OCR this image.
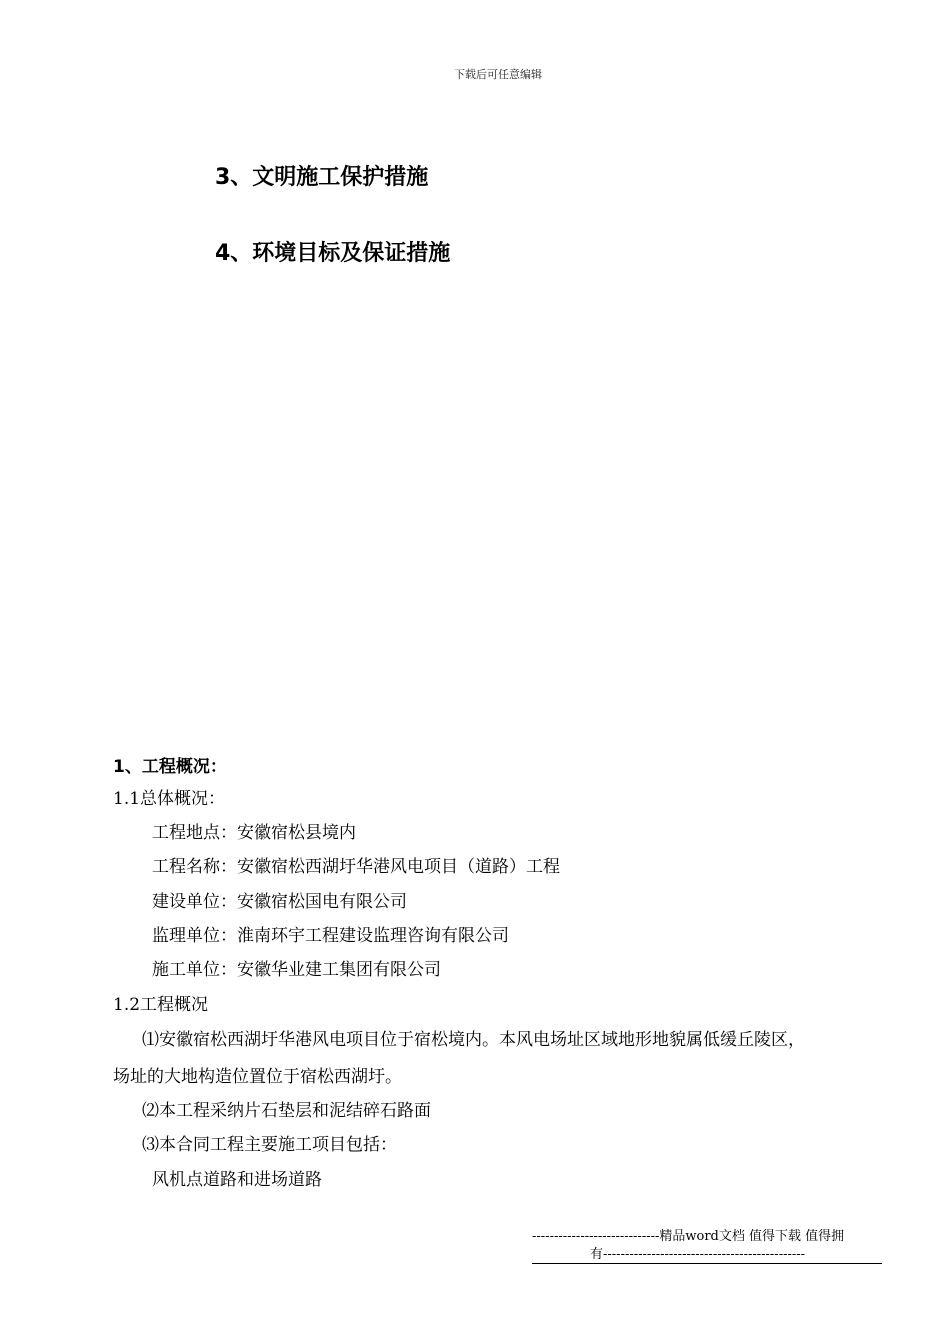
下载后可任意编辑
3、文明施工保护措施
4、环境目标及保证措施
1、工程概况：
1.1总体概况：
工程地点：安徽宿松县境内
工程名称：安徽宿松西湖圩华港风电项目（道路）工程
建设单位：安徽宿松国电有限公司
监理单位：淮南环宇工程建设监理咨询有限公司
施工单位：安徽华业建工集团有限公司
1.2工程概况
⑴安徽宿松西湖圩华港风电项目位于宿松境内。本风电场址区域地形地貌属低缓丘陵区，
场址的大地构造位置位于宿松西湖圩。
⑵本工程采纳片石垫层和泥结碎石路面
⑶本合同工程主要施工项目包括：
风机点道路和进场道路
-----------------------------精品word文档 值得下载 值得拥
有----------------------------------------------
